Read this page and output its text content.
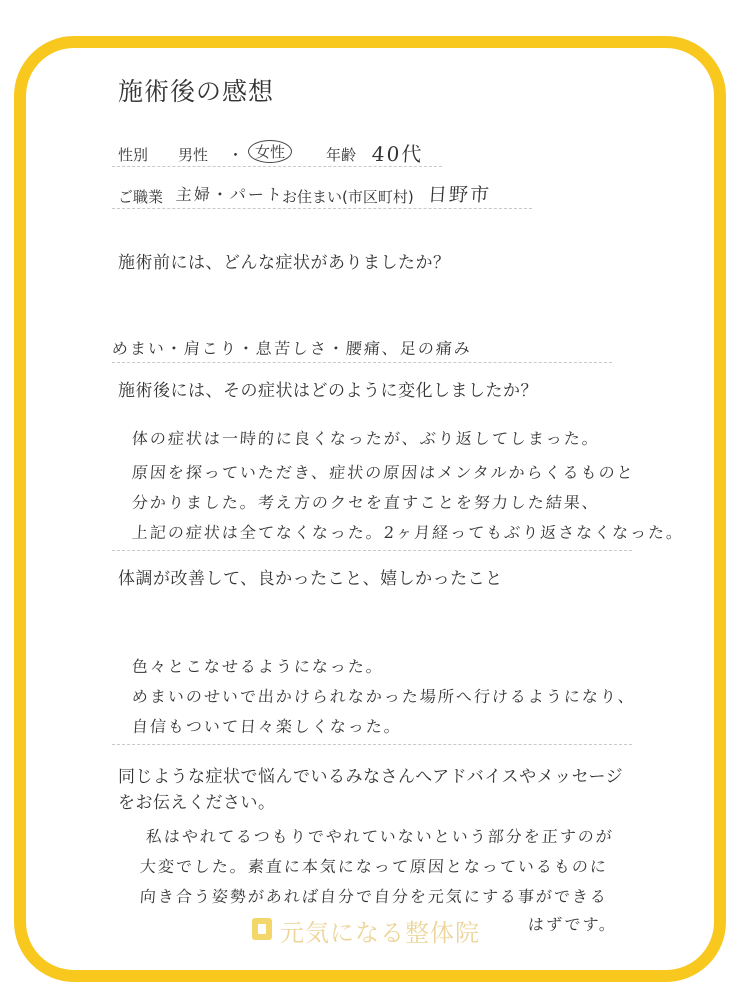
施術後の感想
性別 男性 ・ 女性	年齢 40代
ご職業 主婦・パート
お住まい(市区町村) 日野市
施術前には、どんな症状がありましたか？
めまい・肩こり・息苦しさ・腰痛、足の痛み
施術後には、その症状はどのように変化しましたか？
体の症状は一時的に良くなったが、ぶり返してしまった。
原因を探っていただき、症状の原因はメンタルからくるものと
分かりました。考え方のクセを直すことを努力した結果、
上記の症状は全てなくなった。2ヶ月経ってもぶり返さなくなった。
体調が改善して、良かったこと、嬉しかったこと
色々とこなせるようになった。
めまいのせいで出かけられなかった場所へ行けるようになり、
自信もついて日々楽しくなった。
同じような症状で悩んでいるみなさんへアドバイスやメッセージ
をお伝えください。
私はやれてるつもりでやれていないという部分を正すのが
大変でした。素直に本気になって原因となっているものに
向き合う姿勢があれば自分で自分を元気にする事ができる
はずです。
元気になる整体院
